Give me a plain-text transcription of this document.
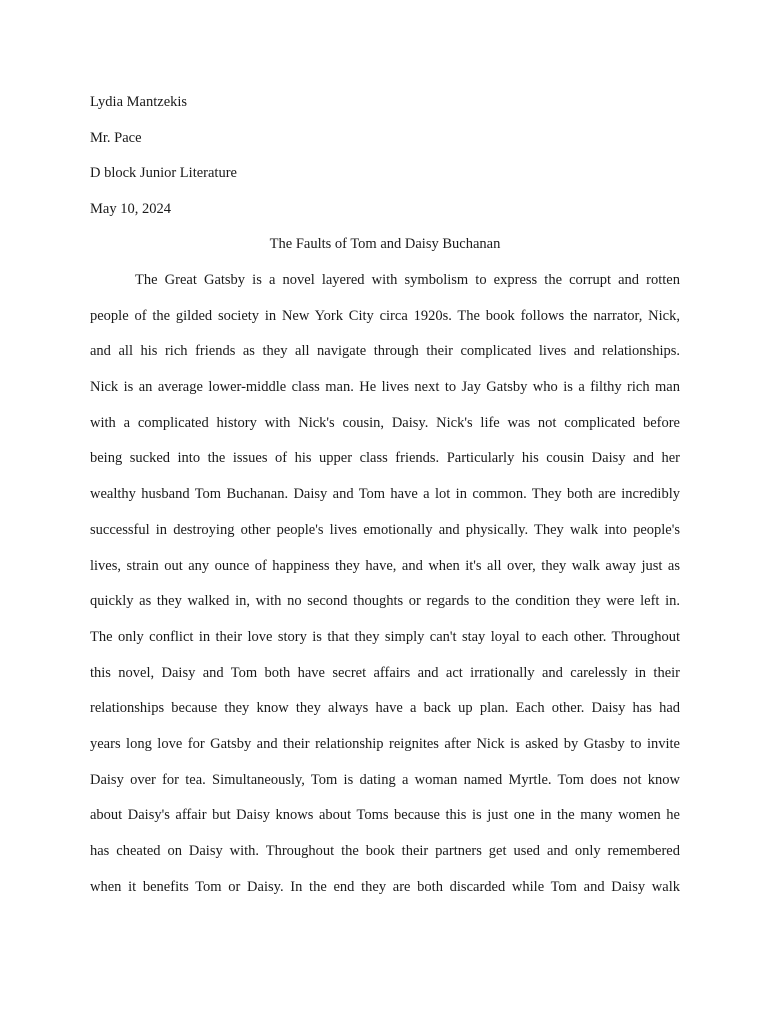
Lydia Mantzekis
Mr. Pace
D block Junior Literature
May 10, 2024
The Faults of Tom and Daisy Buchanan
The Great Gatsby is a novel layered with symbolism to express the corrupt and rotten
people of the gilded society in New York City circa 1920s. The book follows the narrator, Nick,
and all his rich friends as they all navigate through their complicated lives and relationships.
Nick is an average lower-middle class man. He lives next to Jay Gatsby who is a filthy rich man
with a complicated history with Nick's cousin, Daisy. Nick's life was not complicated before
being sucked into the issues of his upper class friends. Particularly his cousin Daisy and her
wealthy husband Tom Buchanan. Daisy and Tom have a lot in common. They both are incredibly
successful in destroying other people's lives emotionally and physically. They walk into people's
lives, strain out any ounce of happiness they have, and when it's all over, they walk away just as
quickly as they walked in, with no second thoughts or regards to the condition they were left in.
The only conflict in their love story is that they simply can't stay loyal to each other. Throughout
this novel, Daisy and Tom both have secret affairs and act irrationally and carelessly in their
relationships because they know they always have a back up plan. Each other. Daisy has had
years long love for Gatsby and their relationship reignites after Nick is asked by Gtasby to invite
Daisy over for tea. Simultaneously, Tom is dating a woman named Myrtle. Tom does not know
about Daisy's affair but Daisy knows about Toms because this is just one in the many women he
has cheated on Daisy with. Throughout the book their partners get used and only remembered
when it benefits Tom or Daisy. In the end they are both discarded while Tom and Daisy walk
